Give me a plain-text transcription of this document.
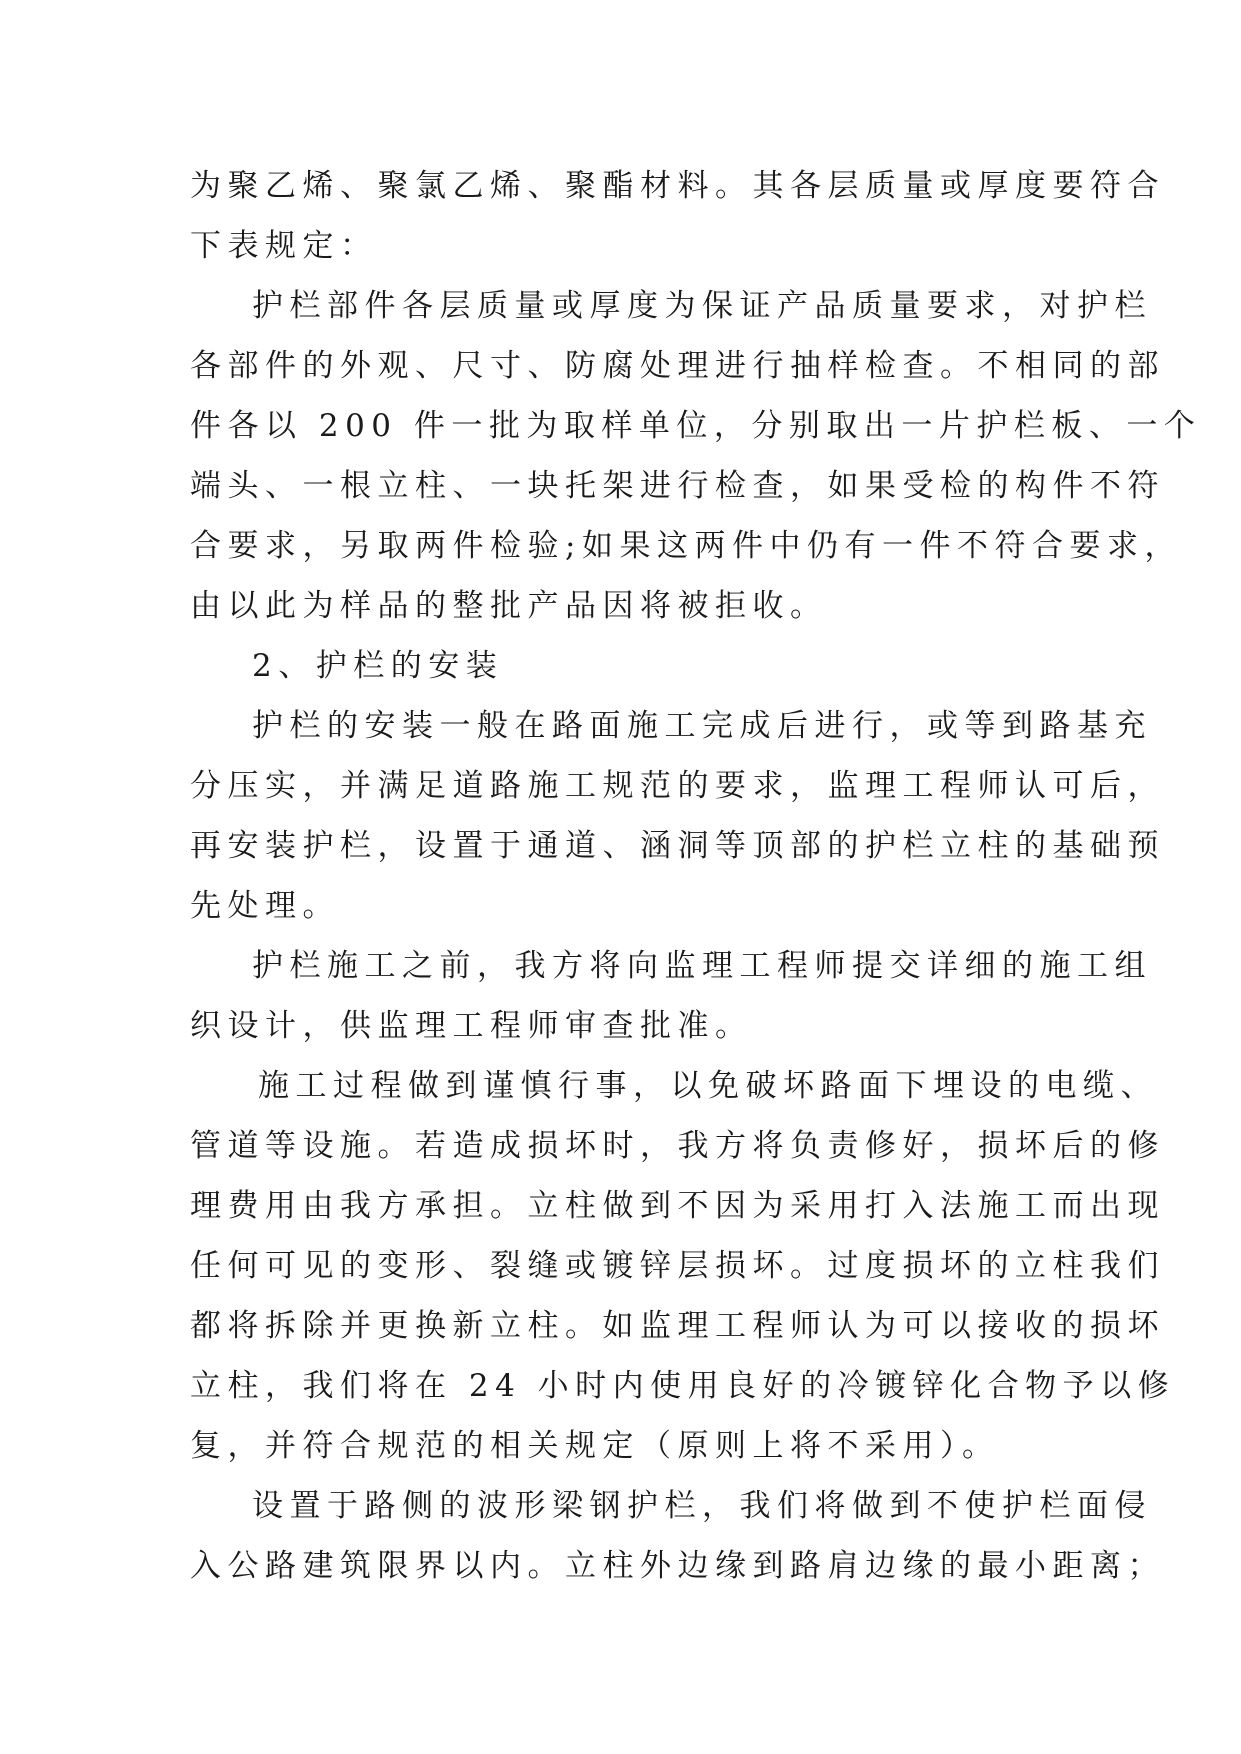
为聚乙烯、聚氯乙烯、聚酯材料。其各层质量或厚度要符合
下表规定：
护栏部件各层质量或厚度为保证产品质量要求，对护栏
各部件的外观、尺寸、防腐处理进行抽样检查。不相同的部
件各以 200 件一批为取样单位，分别取出一片护栏板、一个
端头、一根立柱、一块托架进行检查，如果受检的构件不符
合要求，另取两件检验;如果这两件中仍有一件不符合要求，
由以此为样品的整批产品因将被拒收。
2、护栏的安装
护栏的安装一般在路面施工完成后进行，或等到路基充
分压实，并满足道路施工规范的要求，监理工程师认可后，
再安装护栏，设置于通道、涵洞等顶部的护栏立柱的基础预
先处理。
护栏施工之前，我方将向监理工程师提交详细的施工组
织设计，供监理工程师审查批准。
施工过程做到谨慎行事，以免破坏路面下埋设的电缆、
管道等设施。若造成损坏时，我方将负责修好，损坏后的修
理费用由我方承担。立柱做到不因为采用打入法施工而出现
任何可见的变形、裂缝或镀锌层损坏。过度损坏的立柱我们
都将拆除并更换新立柱。如监理工程师认为可以接收的损坏
立柱，我们将在 24 小时内使用良好的冷镀锌化合物予以修
复，并符合规范的相关规定（原则上将不采用）。
设置于路侧的波形梁钢护栏，我们将做到不使护栏面侵
入公路建筑限界以内。立柱外边缘到路肩边缘的最小距离；
